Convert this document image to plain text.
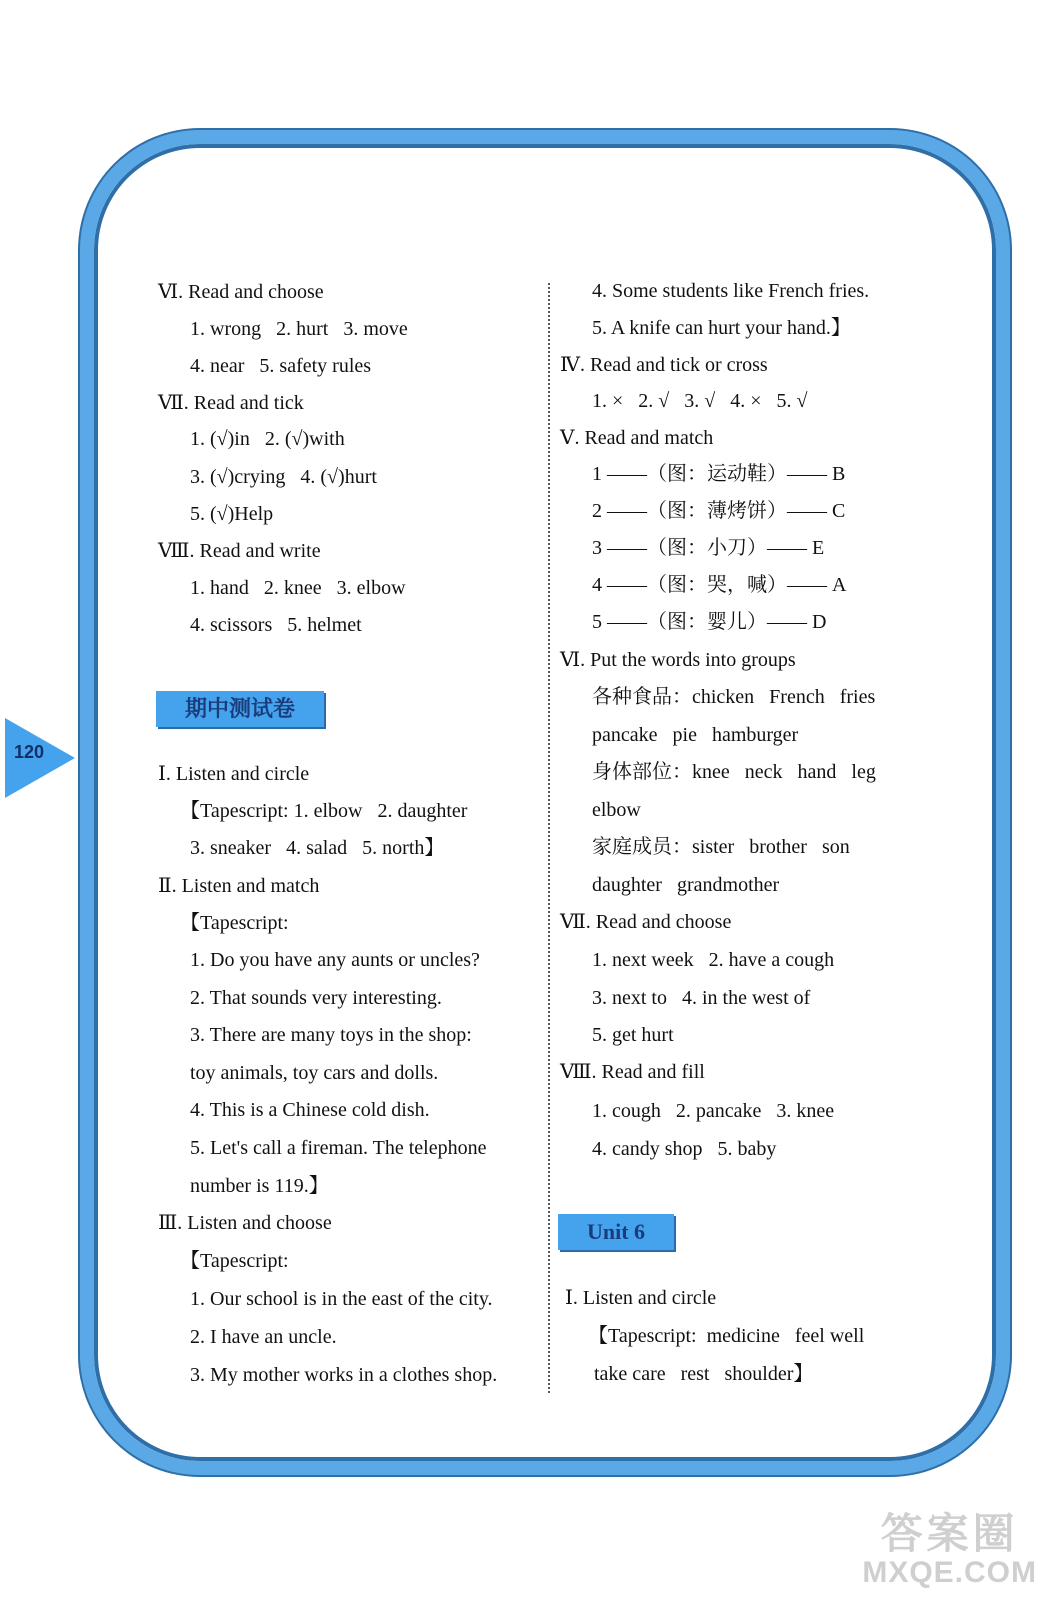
120
Ⅵ. Read and choose
1. wrong   2. hurt   3. move
4. near   5. safety rules
Ⅶ. Read and tick
1. (√)in   2. (√)with
3. (√)crying   4. (√)hurt
5. (√)Help
Ⅷ. Read and write
1. hand   2. knee   3. elbow
4. scissors   5. helmet
期中测试卷
Ⅰ. Listen and circle
【Tapescript: 1. elbow   2. daughter
3. sneaker   4. salad   5. north】
Ⅱ. Listen and match
【Tapescript:
1. Do you have any aunts or uncles?
2. That sounds very interesting.
3. There are many toys in the shop:
toy animals, toy cars and dolls.
4. This is a Chinese cold dish.
5. Let's call a fireman. The telephone
number is 119.】
Ⅲ. Listen and choose
【Tapescript:
1. Our school is in the east of the city.
2. I have an uncle.
3. My mother works in a clothes shop.
4. Some students like French fries.
5. A knife can hurt your hand.】
Ⅳ. Read and tick or cross
1. ×   2. √   3. √   4. ×   5. √
Ⅴ. Read and match
1 ——（图：运动鞋）—— B
2 ——（图：薄烤饼）—— C
3 ——（图：小刀）—— E
4 ——（图：哭，喊）—— A
5 ——（图：婴儿）—— D
Ⅵ. Put the words into groups
各种食品：chicken   French   fries
pancake   pie   hamburger
身体部位：knee   neck   hand   leg
elbow
家庭成员：sister   brother   son
daughter   grandmother
Ⅶ. Read and choose
1. next week   2. have a cough
3. next to   4. in the west of
5. get hurt
Ⅷ. Read and fill
1. cough   2. pancake   3. knee
4. candy shop   5. baby
Unit 6
Ⅰ. Listen and circle
【Tapescript:  medicine   feel well
take care   rest   shoulder】
答案圈
MXQE.COM
